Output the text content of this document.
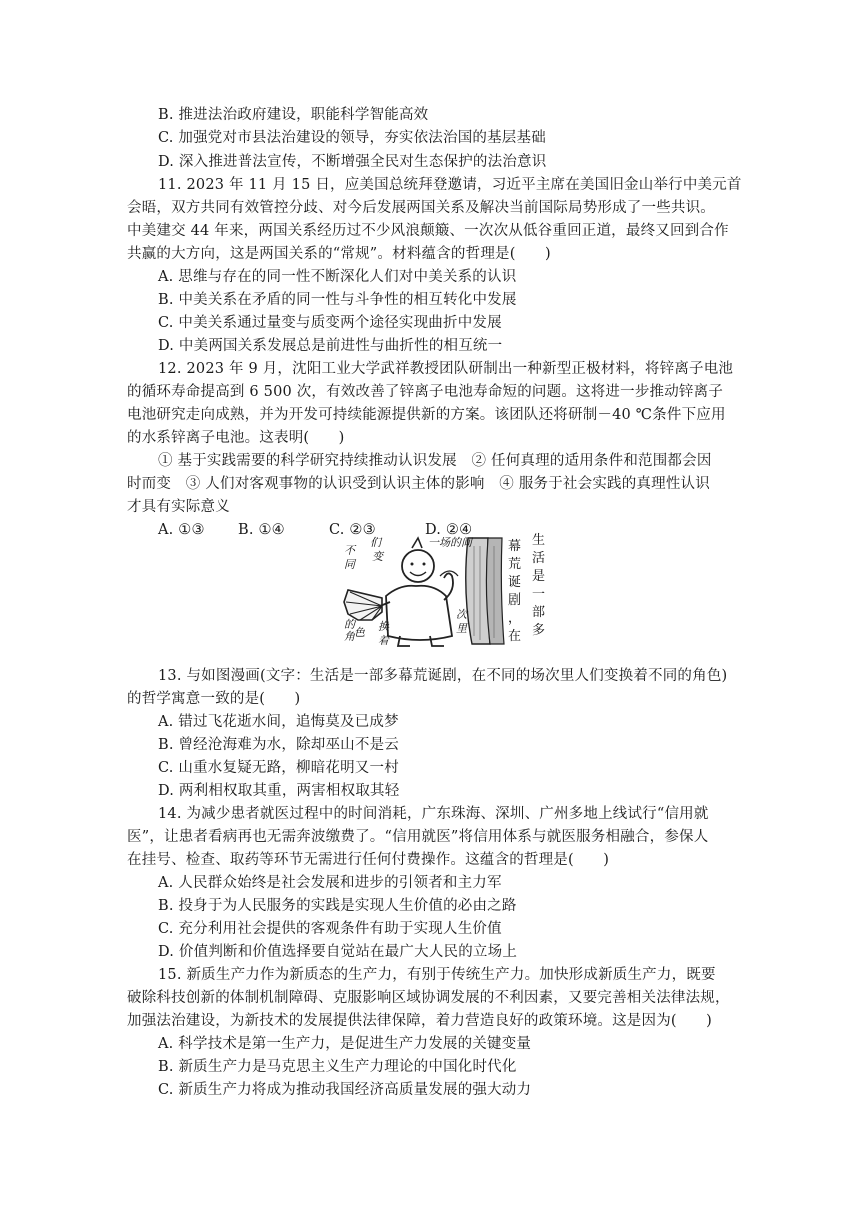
B. 推进法治政府建设，职能科学智能高效
C. 加强党对市县法治建设的领导，夯实依法治国的基层基础
D. 深入推进普法宣传，不断增强全民对生态保护的法治意识
11. 2023 年 11 月 15 日，应美国总统拜登邀请，习近平主席在美国旧金山举行中美元首
会晤，双方共同有效管控分歧、对今后发展两国关系及解决当前国际局势形成了一些共识。
中美建交 44 年来，两国关系经历过不少风浪颠簸、一次次从低谷重回正道，最终又回到合作
共赢的大方向，这是两国关系的“常规”。材料蕴含的哲理是(　　)
A. 思维与存在的同一性不断深化人们对中美关系的认识
B. 中美关系在矛盾的同一性与斗争性的相互转化中发展
C. 中美关系通过量变与质变两个途径实现曲折中发展
D. 中美两国关系发展总是前进性与曲折性的相互统一
12. 2023 年 9 月，沈阳工业大学武祥教授团队研制出一种新型正极材料，将锌离子电池
的循环寿命提高到 6 500 次，有效改善了锌离子电池寿命短的问题。这将进一步推动锌离子
电池研究走向成熟，并为开发可持续能源提供新的方案。该团队还将研制－40 ℃条件下应用
的水系锌离子电池。这表明(　　)
① 基于实践需要的科学研究持续推动认识发展　② 任何真理的适用条件和范围都会因
时而变　③ 人们对客观事物的认识受到认识主体的影响　④ 服务于社会实践的真理性认识
才具有实际意义
A. ①③ B. ①④	C. ②③	D. ②④
一场的间
们
变
不
同
的
角 色 换
着
次
里
幕
荒
诞
剧
，
在
生
活
是
一
部
多
13. 与如图漫画(文字：生活是一部多幕荒诞剧，在不同的场次里人们变换着不同的角色)
的哲学寓意一致的是(　　)
A. 错过飞花逝水间，追悔莫及已成梦
B. 曾经沧海难为水，除却巫山不是云
C. 山重水复疑无路，柳暗花明又一村
D. 两利相权取其重，两害相权取其轻
14. 为减少患者就医过程中的时间消耗，广东珠海、深圳、广州多地上线试行“信用就
医”，让患者看病再也无需奔波缴费了。“信用就医”将信用体系与就医服务相融合，参保人
在挂号、检查、取药等环节无需进行任何付费操作。这蕴含的哲理是(　　)
A. 人民群众始终是社会发展和进步的引领者和主力军
B. 投身于为人民服务的实践是实现人生价值的必由之路
C. 充分利用社会提供的客观条件有助于实现人生价值
D. 价值判断和价值选择要自觉站在最广大人民的立场上
15. 新质生产力作为新质态的生产力，有别于传统生产力。加快形成新质生产力，既要
破除科技创新的体制机制障碍、克服影响区域协调发展的不利因素，又要完善相关法律法规，
加强法治建设，为新技术的发展提供法律保障，着力营造良好的政策环境。这是因为(　　)
A. 科学技术是第一生产力，是促进生产力发展的关键变量
B. 新质生产力是马克思主义生产力理论的中国化时代化
C. 新质生产力将成为推动我国经济高质量发展的强大动力
